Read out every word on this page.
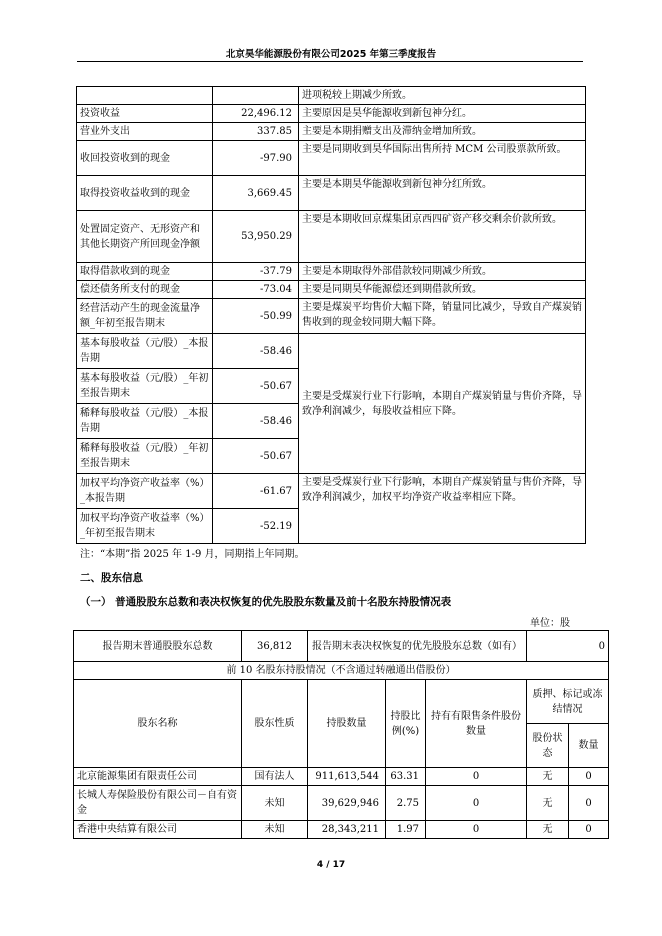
北京昊华能源股份有限公司2025 年第三季度报告
		进项税较上期减少所致。
投资收益	22,496.12	主要原因是昊华能源收到新包神分红。
营业外支出	337.85	主要是本期捐赠支出及滞纳金增加所致。
收回投资收到的现金	-97.90	主要是同期收到昊华国际出售所持 MCM 公司股票款所致。
取得投资收益收到的现金	3,669.45	主要是本期昊华能源收到新包神分红所致。
处置固定资产、无形资产和其他长期资产所回现金净额	53,950.29	主要是本期收回京煤集团京西四矿资产移交剩余价款所致。
取得借款收到的现金	-37.79	主要是本期取得外部借款较同期减少所致。
偿还债务所支付的现金	-73.04	主要是同期昊华能源偿还到期借款所致。
经营活动产生的现金流量净额_年初至报告期末	-50.99	主要是煤炭平均售价大幅下降，销量同比减少，导致自产煤炭销售收到的现金较同期大幅下降。
基本每股收益（元/股）_本报告期	-58.46	主要是受煤炭行业下行影响，本期自产煤炭销量与售价齐降，导致净利润减少，每股收益相应下降。
基本每股收益（元/股）_年初至报告期末	-50.67	
稀释每股收益（元/股）_本报告期	-58.46	
稀释每股收益（元/股）_年初至报告期末	-50.67	
加权平均净资产收益率（%）_本报告期	-61.67	主要是受煤炭行业下行影响，本期自产煤炭销量与售价齐降，导致净利润减少，加权平均净资产收益率相应下降。
加权平均净资产收益率（%）_年初至报告期末	-52.19	
注：“本期”指 2025 年 1-9 月，同期指上年同期。
二、股东信息
（一） 普通股股东总数和表决权恢复的优先股股东数量及前十名股东持股情况表
单位：股
报告期末普通股股东总数	36,812	报告期末表决权恢复的优先股股东总数（如有）	0
前 10 名股东持股情况（不含通过转融通出借股份）						
股东名称	股东性质	持股数量	持股比例(%)	持有有限售条件股份数量	质押、标记或冻结情况	
					股份状态	数量
北京能源集团有限责任公司	国有法人	911,613,544	63.31	0	无	0
长城人寿保险股份有限公司－自有资金	未知	39,629,946	2.75	0	无	0
香港中央结算有限公司	未知	28,343,211	1.97	0	无	0
4 / 17
